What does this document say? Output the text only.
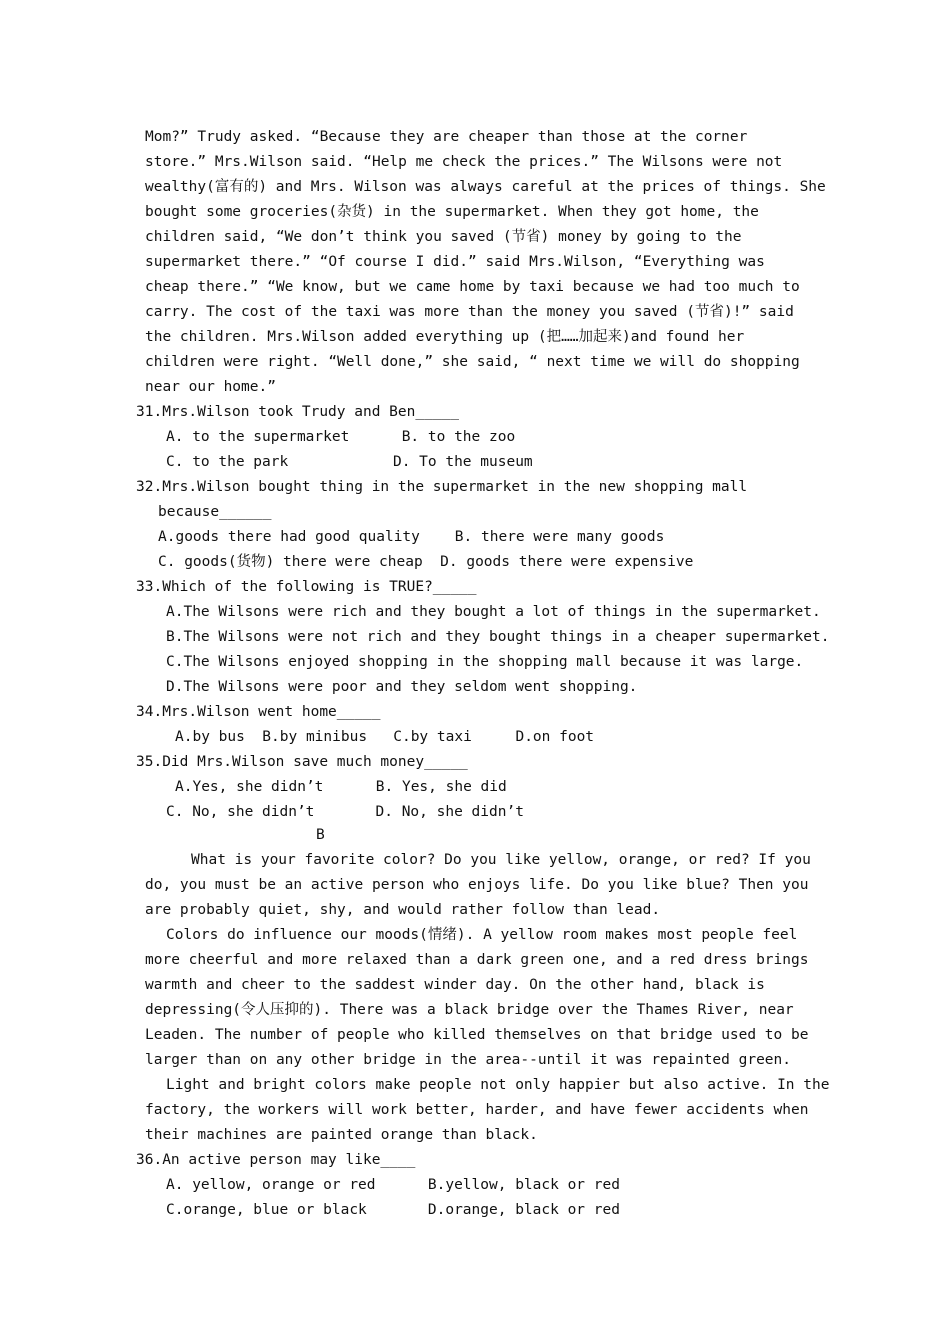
Mom?” Trudy asked. “Because they are cheaper than those at the corner
store.” Mrs.Wilson said. “Help me check the prices.” The Wilsons were not
wealthy(富有的) and Mrs. Wilson was always careful at the prices of things. She
bought some groceries(杂货) in the supermarket. When they got home, the
children said, “We don’t think you saved (节省) money by going to the
supermarket there.” “Of course I did.” said Mrs.Wilson, “Everything was
cheap there.” “We know, but we came home by taxi because we had too much to
carry. The cost of the taxi was more than the money you saved (节省)!” said
the children. Mrs.Wilson added everything up (把……加起来)and found her
children were right. “Well done,” she said, “ next time we will do shopping
near our home.”
31.Mrs.Wilson took Trudy and Ben_____
A. to the supermarket      B. to the zoo
C. to the park            D. To the museum
32.Mrs.Wilson bought thing in the supermarket in the new shopping mall
because______
A.goods there had good quality    B. there were many goods
C. goods(货物) there were cheap  D. goods there were expensive
33.Which of the following is TRUE?_____
A.The Wilsons were rich and they bought a lot of things in the supermarket.
B.The Wilsons were not rich and they bought things in a cheaper supermarket.
C.The Wilsons enjoyed shopping in the shopping mall because it was large.
D.The Wilsons were poor and they seldom went shopping.
34.Mrs.Wilson went home_____
A.by bus  B.by minibus   C.by taxi     D.on foot
35.Did Mrs.Wilson save much money_____
A.Yes, she didn’t      B. Yes, she did
C. No, she didn’t       D. No, she didn’t
B
What is your favorite color? Do you like yellow, orange, or red? If you
do, you must be an active person who enjoys life. Do you like blue? Then you
are probably quiet, shy, and would rather follow than lead.
Colors do influence our moods(情绪). A yellow room makes most people feel
more cheerful and more relaxed than a dark green one, and a red dress brings
warmth and cheer to the saddest winder day. On the other hand, black is
depressing(令人压抑的). There was a black bridge over the Thames River, near
Leaden. The number of people who killed themselves on that bridge used to be
larger than on any other bridge in the area--until it was repainted green.
Light and bright colors make people not only happier but also active. In the
factory, the workers will work better, harder, and have fewer accidents when
their machines are painted orange than black.
36.An active person may like____
A. yellow, orange or red      B.yellow, black or red
C.orange, blue or black       D.orange, black or red
